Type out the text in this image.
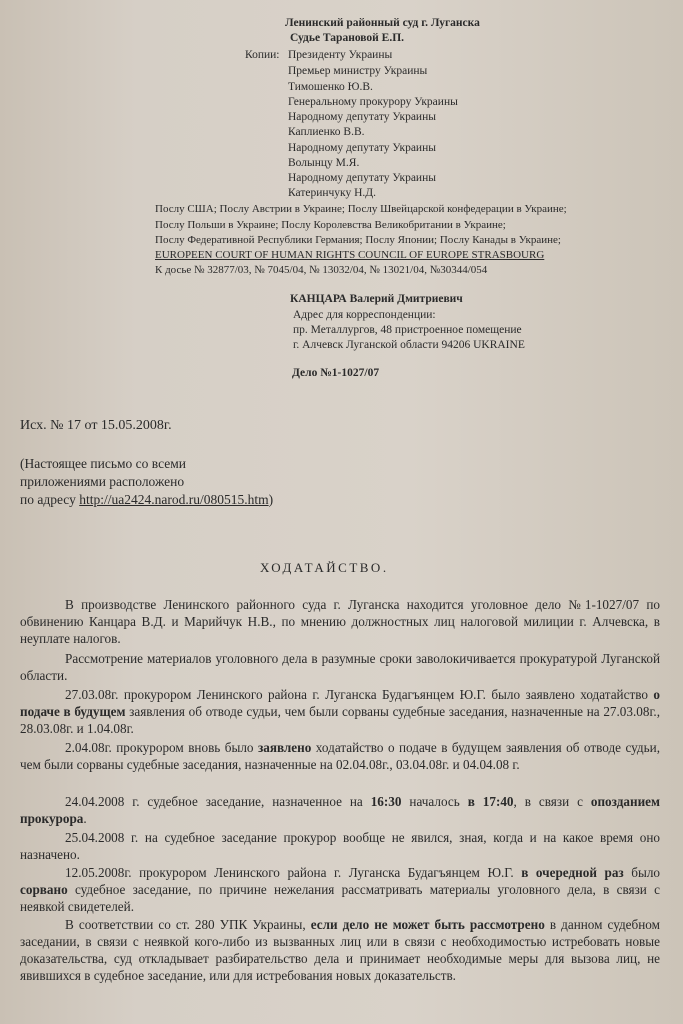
Ленинский районный суд г. Луганска
Судье Тарановой Е.П.
Копии: Президенту Украины
Премьер министру Украины
Тимошенко Ю.В.
Генеральному прокурору Украины
Народному депутату Украины
Каплиенко В.В.
Народному депутату Украины
Волынцу М.Я.
Народному депутату Украины
Катеринчуку Н.Д.
Послу США; Послу Австрии в Украине; Послу Швейцарской конфедерации в Украине;
Послу Польши в Украине; Послу Королевства Великобритании в Украине;
Послу Федеративной Республики Германия; Послу Японии; Послу Канады в Украине;
EUROPEEN COURT OF HUMAN RIGHTS COUNCIL OF EUROPE STRASBOURG
К досье № 32877/03, № 7045/04, № 13032/04, № 13021/04, №30344/054
КАНЦАРА Валерий Дмитриевич
Адрес для корреспонденции:
пр. Металлургов, 48 пристроенное помещение
г. Алчевск Луганской области 94206 UKRAINE
Дело №1-1027/07
Исх. № 17 от 15.05.2008г.
(Настоящее письмо со всеми
приложениями расположено
по адресу http://ua2424.narod.ru/080515.htm)
ХОДАТАЙСТВО.
В производстве Ленинского районного суда г. Луганска находится уголовное дело №1-1027/07 по обвинению Канцара В.Д. и Марийчук Н.В., по мнению должностных лиц налоговой милиции г. Алчевска, в неуплате налогов.
Рассмотрение материалов уголовного дела в разумные сроки заволокичивается прокуратурой Луганской области.
27.03.08г. прокурором Ленинского района г. Луганска Будагъянцем Ю.Г. было заявлено ходатайство о подаче в будущем заявления об отводе судьи, чем были сорваны судебные заседания, назначенные на 27.03.08г., 28.03.08г. и 1.04.08г.
2.04.08г. прокурором вновь было заявлено ходатайство о подаче в будущем заявления об отводе судьи, чем были сорваны судебные заседания, назначенные на 02.04.08г., 03.04.08г. и 04.04.08 г.
24.04.2008 г. судебное заседание, назначенное на 16:30 началось в 17:40, в связи с опозданием прокурора.
25.04.2008 г. на судебное заседание прокурор вообще не явился, зная, когда и на какое время оно назначено.
12.05.2008г. прокурором Ленинского района г. Луганска Будагъянцем Ю.Г. в очередной раз было сорвано судебное заседание, по причине нежелания рассматривать материалы уголовного дела, в связи с неявкой свидетелей.
В соответствии со ст. 280 УПК Украины, если дело не может быть рассмотрено в данном судебном заседании, в связи с неявкой кого-либо из вызванных лиц или в связи с необходимостью истребовать новые доказательства, суд откладывает разбирательство дела и принимает необходимые меры для вызова лиц, не явившихся в судебное заседание, или для истребования новых доказательств.
